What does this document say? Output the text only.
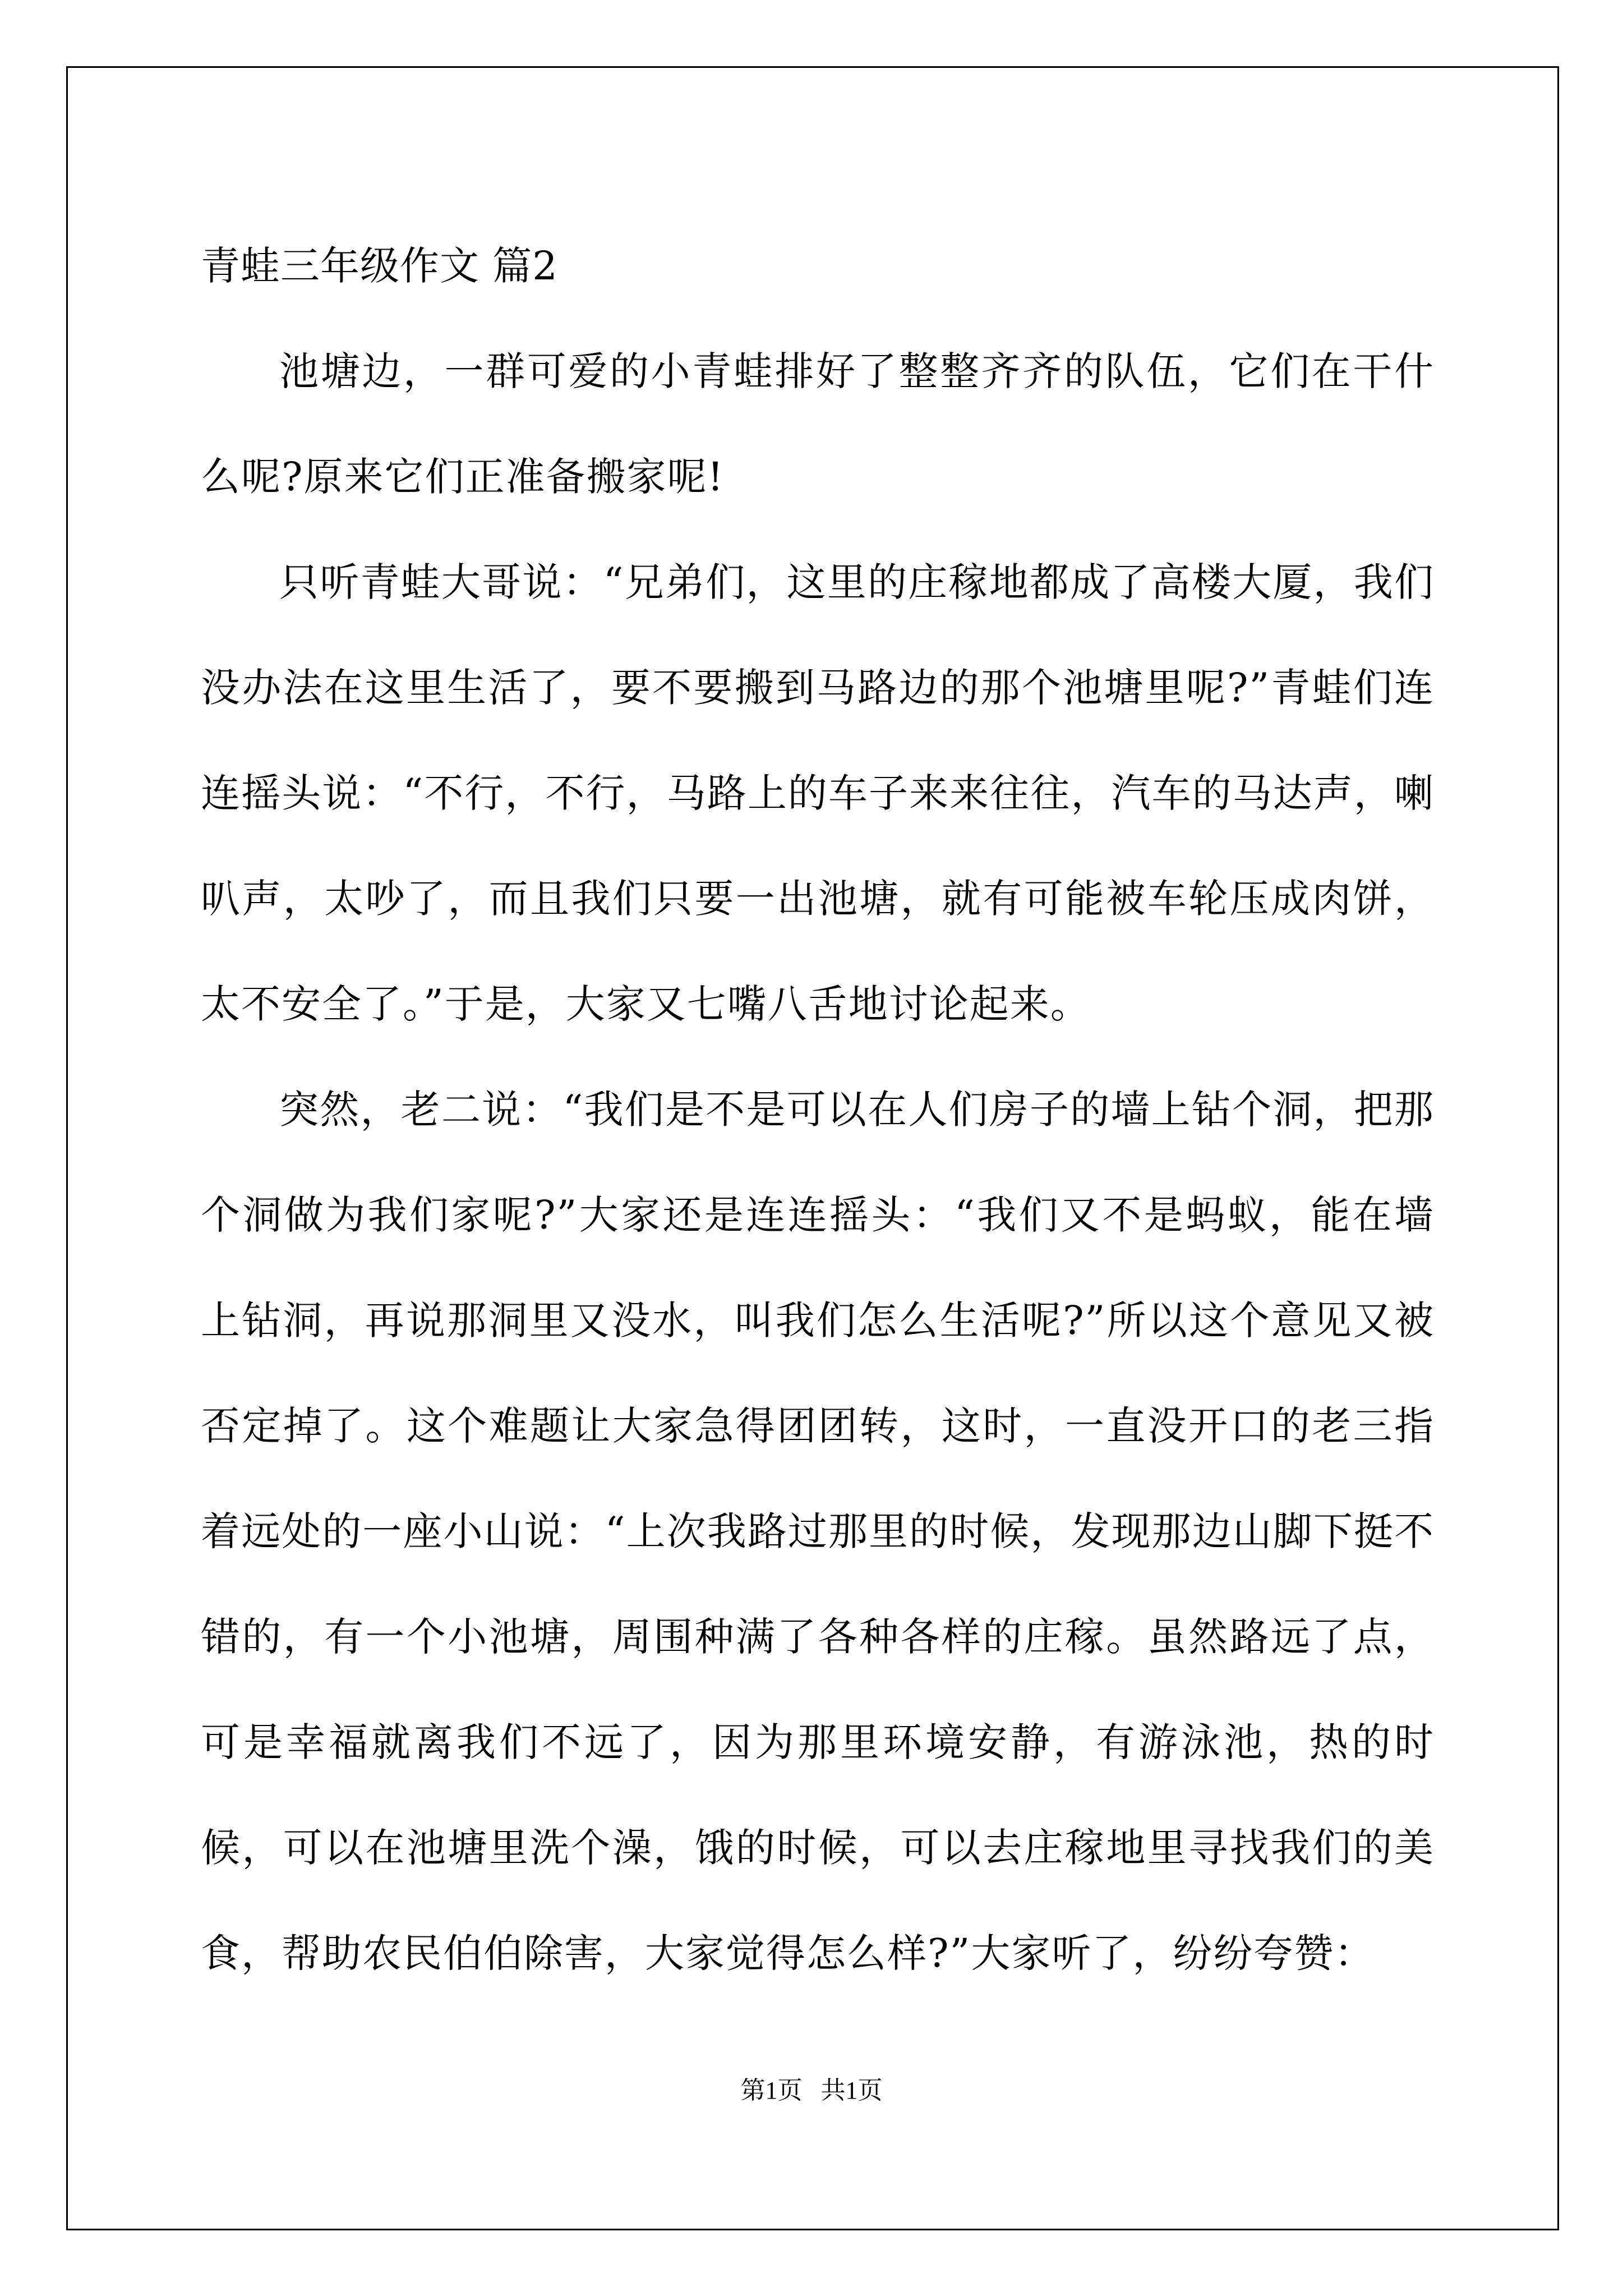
青蛙三年级作文 篇2

池塘边，一群可爱的小青蛙排好了整整齐齐的队伍，它们在干什么呢?原来它们正准备搬家呢!

只听青蛙大哥说：“兄弟们，这里的庄稼地都成了高楼大厦，我们没办法在这里生活了，要不要搬到马路边的那个池塘里呢?”青蛙们连连摇头说：“不行，不行，马路上的车子来来往往，汽车的马达声，喇叭声，太吵了，而且我们只要一出池塘，就有可能被车轮压成肉饼，太不安全了。”于是，大家又七嘴八舌地讨论起来。

突然，老二说：“我们是不是可以在人们房子的墙上钻个洞，把那个洞做为我们家呢?”大家还是连连摇头：“我们又不是蚂蚁，能在墙上钻洞，再说那洞里又没水，叫我们怎么生活呢?”所以这个意见又被否定掉了。这个难题让大家急得团团转，这时，一直没开口的老三指着远处的一座小山说：“上次我路过那里的时候，发现那边山脚下挺不错的，有一个小池塘，周围种满了各种各样的庄稼。虽然路远了点，可是幸福就离我们不远了，因为那里环境安静，有游泳池，热的时候，可以在池塘里洗个澡，饿的时候，可以去庄稼地里寻找我们的美食，帮助农民伯伯除害，大家觉得怎么样?”大家听了，纷纷夸赞：

第1页   共1页
